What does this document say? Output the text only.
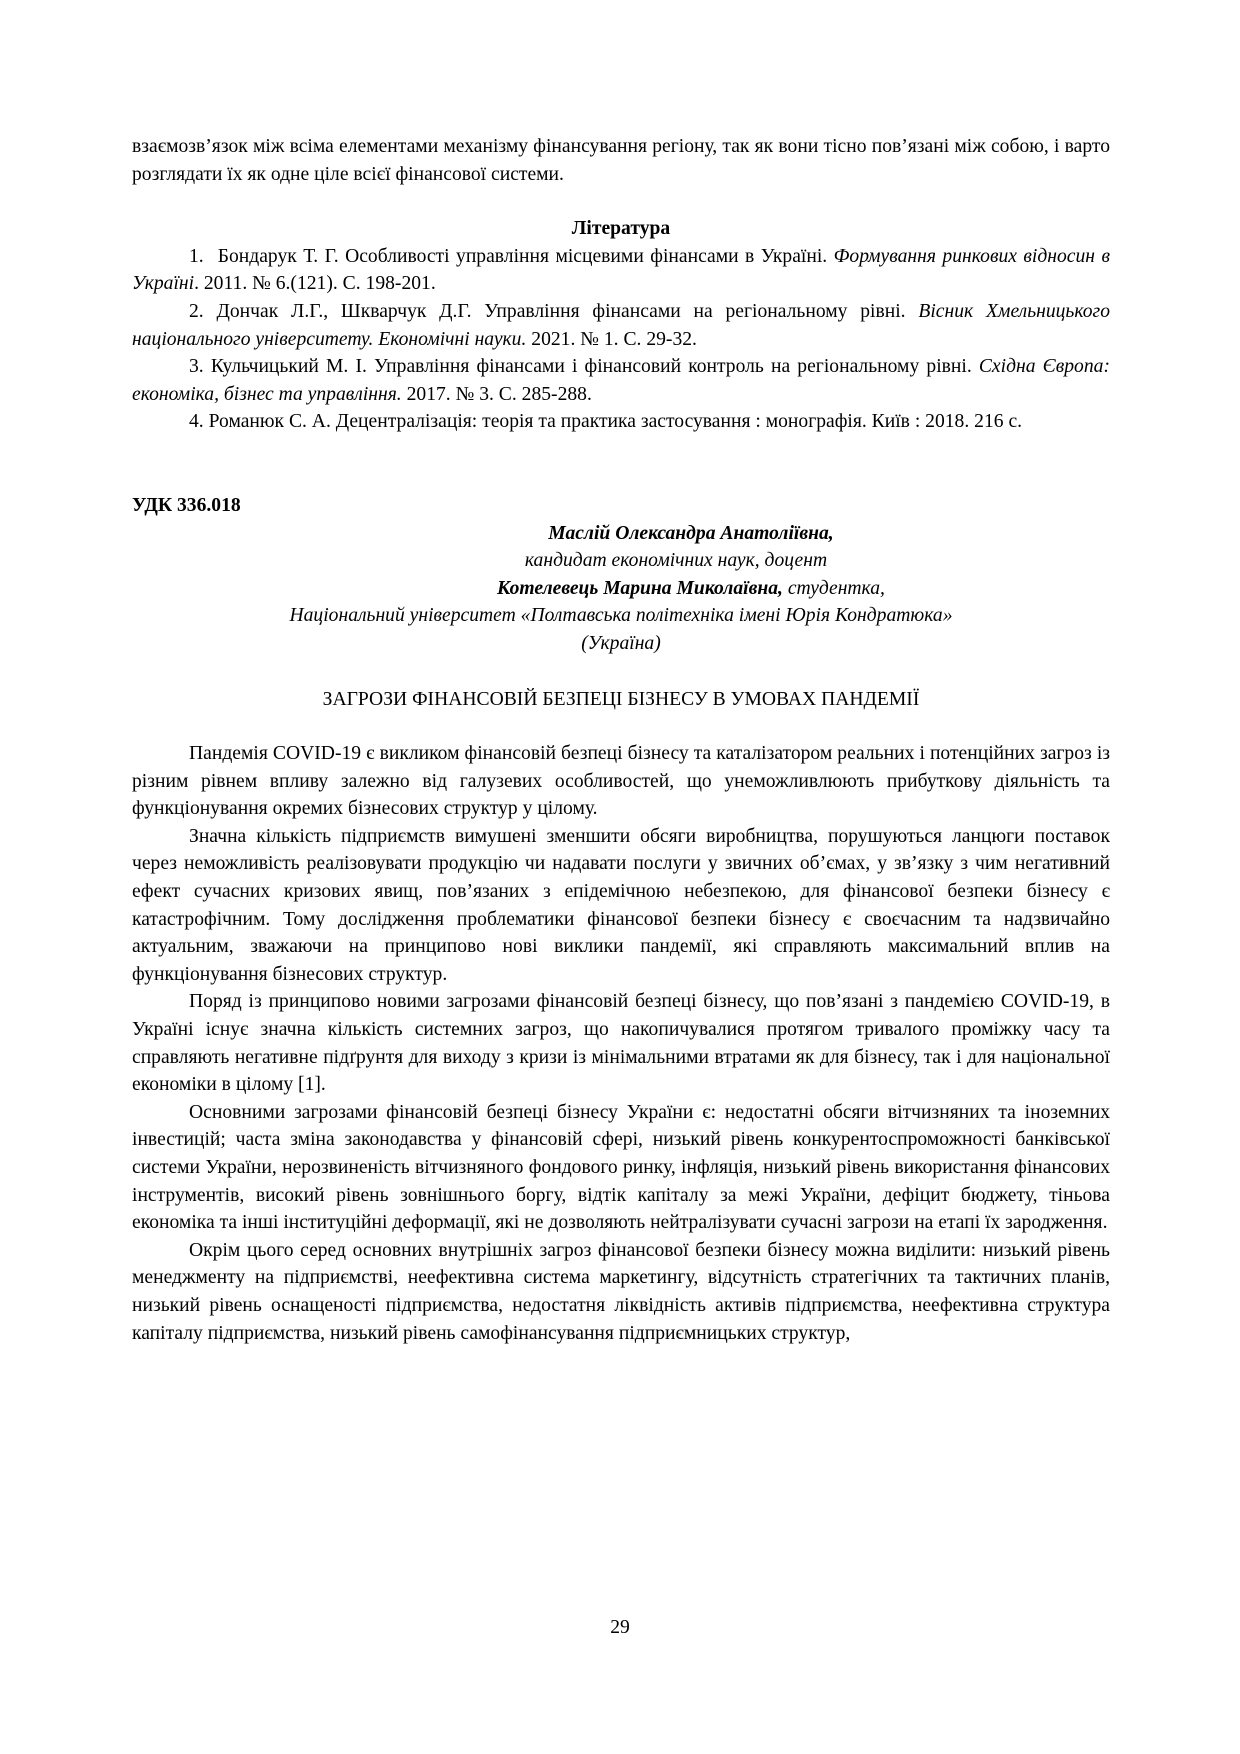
взаємозв’язок між всіма елементами механізму фінансування регіону, так як вони тісно пов’язані між собою, і варто розглядати їх як одне ціле всієї фінансової системи.

Література

1. Бондарук Т. Г. Особливості управління місцевими фінансами в Україні. Формування ринкових відносин в Україні. 2011. № 6.(121). С. 198-201.

2. Дончак Л.Г., Шкварчук Д.Г. Управління фінансами на регіональному рівні. Вісник Хмельницького національного університету. Економічні науки. 2021. № 1. С. 29-32.

3. Кульчицький М. І. Управління фінансами і фінансовий контроль на регіональному рівні. Східна Європа: економіка, бізнес та управління. 2017. № 3. С. 285-288.

4. Романюк С. А. Децентралізація: теорія та практика застосування : монографія. Київ : 2018. 216 с.

УДК 336.018

Маслій Олександра Анатоліївна,

кандидат економічних наук, доцент

Котелевець Марина Миколаївна, студентка,

Національний університет «Полтавська політехніка імені Юрія Кондратюка»

(Україна)

ЗАГРОЗИ ФІНАНСОВІЙ БЕЗПЕЦІ БІЗНЕСУ В УМОВАХ ПАНДЕМІЇ

Пандемія COVID-19 є викликом фінансовій безпеці бізнесу та каталізатором реальних і потенційних загроз із різним рівнем впливу залежно від галузевих особливостей, що унеможливлюють прибуткову діяльність та функціонування окремих бізнесових структур у цілому.

Значна кількість підприємств вимушені зменшити обсяги виробництва, порушуються ланцюги поставок через неможливість реалізовувати продукцію чи надавати послуги у звичних об’ємах, у зв’язку з чим негативний ефект сучасних кризових явищ, пов’язаних з епідемічною небезпекою, для фінансової безпеки бізнесу є катастрофічним. Тому дослідження проблематики фінансової безпеки бізнесу є своєчасним та надзвичайно актуальним, зважаючи на принципово нові виклики пандемії, які справляють максимальний вплив на функціонування бізнесових структур.

Поряд із принципово новими загрозами фінансовій безпеці бізнесу, що пов’язані з пандемією COVID-19, в Україні існує значна кількість системних загроз, що накопичувалися протягом тривалого проміжку часу та справляють негативне підґрунтя для виходу з кризи із мінімальними втратами як для бізнесу, так і для національної економіки в цілому [1].

Основними загрозами фінансовій безпеці бізнесу України є: недостатні обсяги вітчизняних та іноземних інвестицій; часта зміна законодавства у фінансовій сфері, низький рівень конкурентоспроможності банківської системи України, нерозвиненість вітчизняного фондового ринку, інфляція, низький рівень використання фінансових інструментів, високий рівень зовнішнього боргу, відтік капіталу за межі України, дефіцит бюджету, тіньова економіка та інші інституційні деформації, які не дозволяють нейтралізувати сучасні загрози на етапі їх зародження.

Окрім цього серед основних внутрішніх загроз фінансової безпеки бізнесу можна виділити: низький рівень менеджменту на підприємстві, неефективна система маркетингу, відсутність стратегічних та тактичних планів, низький рівень оснащеності підприємства, недостатня ліквідність активів підприємства, неефективна структура капіталу підприємства, низький рівень самофінансування підприємницьких структур,

29
